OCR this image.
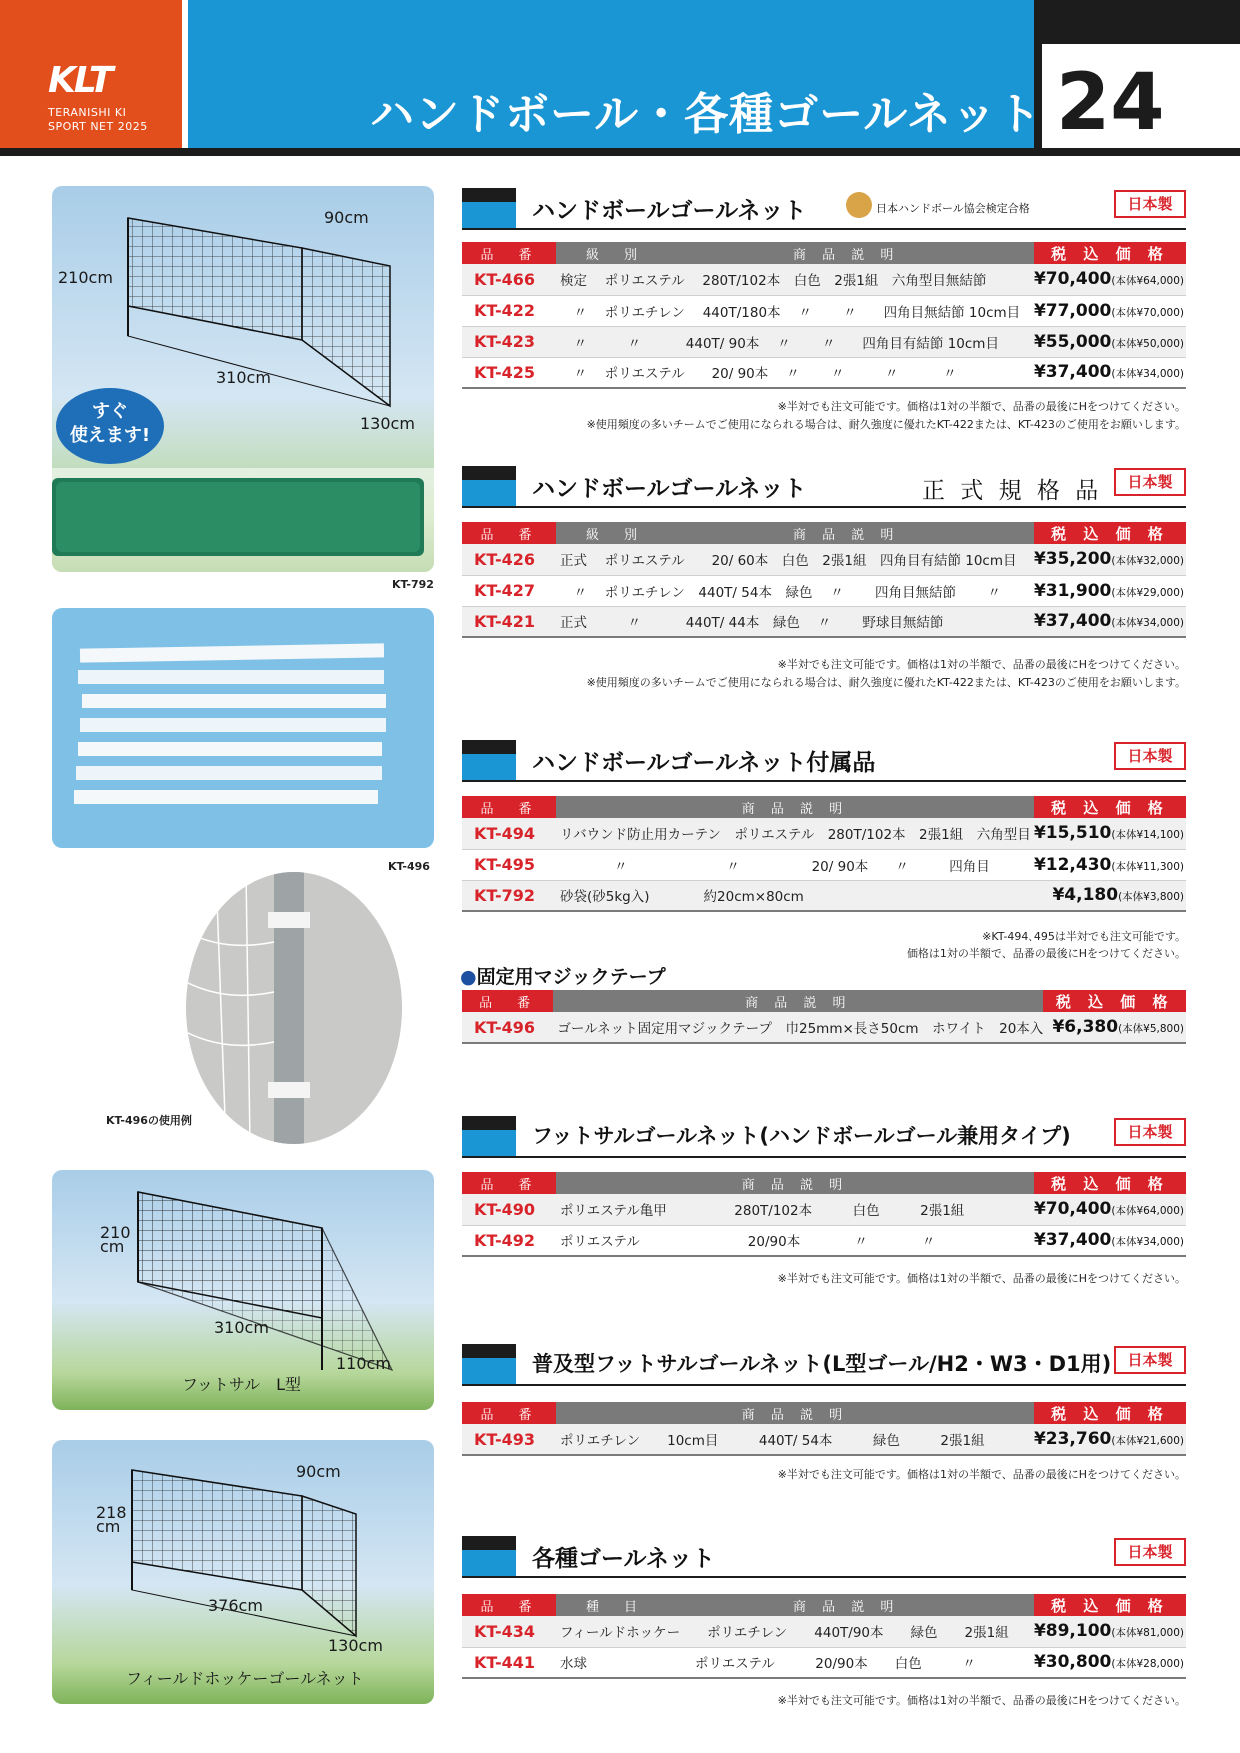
KLT
TERANISHI KI
SPORT NET 2025	ハンドボール・各種ゴールネット 24
90cm
210cm
310cm
130cm
すぐ
使えます!
KT-792
KT-496
KT-496の使用例
210
cm
310cm
110cm
フットサル　L型
90cm
218
cm
376cm
130cm
フィールドホッケーゴールネット
ハンドボールゴールネット	日本ハンドボール協会検定合格	日本製
品　番	級　別 商 品 説 明	税 込 価 格
KT-466	検定　 ポリエステル　 280T/102本　白色　2張1組　六角型目無結節	¥70,400(本体¥64,000)
KT-422	　〃　 ポリエチレン　 440T/180本　 〃　　 〃　　四角目無結節 10cm目	¥77,000(本体¥70,000)
KT-423	　〃　　　〃　　　 440T/ 90本　 〃　　 〃　　四角目有結節 10cm目	¥55,000(本体¥50,000)
KT-425	　〃　 ポリエステル　　20/ 90本　 〃　　 〃　　　〃　　　 〃	¥37,400(本体¥34,000)
※半対でも注文可能です。価格は1対の半額で、品番の最後にHをつけてください。
※使用頻度の多いチームでご使用になられる場合は、耐久強度に優れたKT-422または、KT-423のご使用をお願いします。
ハンドボールゴールネット	正 式 規 格 品	日本製
品　番	級　別 商 品 説 明	税 込 価 格
KT-426	正式　 ポリエステル　　20/ 60本　白色　2張1組　四角目有結節 10cm目	¥35,200(本体¥32,000)
KT-427	　〃　 ポリエチレン　440T/ 54本　緑色　 〃　　 四角目無結節　　 〃	¥31,900(本体¥29,000)
KT-421	正式　　　〃　　　 440T/ 44本　緑色　 〃　　 野球目無結節	¥37,400(本体¥34,000)
※半対でも注文可能です。価格は1対の半額で、品番の最後にHをつけてください。
※使用頻度の多いチームでご使用になられる場合は、耐久強度に優れたKT-422または、KT-423のご使用をお願いします。
ハンドボールゴールネット付属品	日本製
品　番	商 品 説 明	税 込 価 格
KT-494	リバウンド防止用カーテン　ポリエステル　280T/102本　2張1組　六角型目	¥15,510(本体¥14,100)
KT-495	　　　　〃　　　　　　　 〃　　　　　 20/ 90本　　〃　　　四角目	¥12,430(本体¥11,300)
KT-792	砂袋(砂5kg入)　　　　約20cm×80cm	¥4,180(本体¥3,800)
※KT-494､495は半対でも注文可能です。
価格は1対の半額で、品番の最後にHをつけてください。
●固定用マジックテープ
品　番	商 品 説 明	税 込 価 格
KT-496	ゴールネット固定用マジックテープ　巾25mm×長さ50cm　ホワイト　20本入	¥6,380(本体¥5,800)
フットサルゴールネット(ハンドボールゴール兼用タイプ)	日本製
品　番	商 品 説 明	税 込 価 格
KT-490	ポリエステル亀甲　　　　　280T/102本　　　白色　　　2張1組	¥70,400(本体¥64,000)
KT-492	ポリエステル　　　　　　　　20/90本　　　　〃　　　　〃	¥37,400(本体¥34,000)
※半対でも注文可能です。価格は1対の半額で、品番の最後にHをつけてください。
普及型フットサルゴールネット(L型ゴール/H2・W3・D1用)	日本製
品　番	商 品 説 明	税 込 価 格
KT-493	ポリエチレン　　10cm目　　　440T/ 54本　　　緑色　　　2張1組	¥23,760(本体¥21,600)
※半対でも注文可能です。価格は1対の半額で、品番の最後にHをつけてください。
各種ゴールネット	日本製
品　番	種　目 商 品 説 明	税 込 価 格
KT-434	フィールドホッケー　　ポリエチレン　　440T/90本　　緑色　　2張1組	¥89,100(本体¥81,000)
KT-441	水球　　　　　　　　ポリエステル　　　20/90本　　白色　　　〃	¥30,800(本体¥28,000)
※半対でも注文可能です。価格は1対の半額で、品番の最後にHをつけてください。
